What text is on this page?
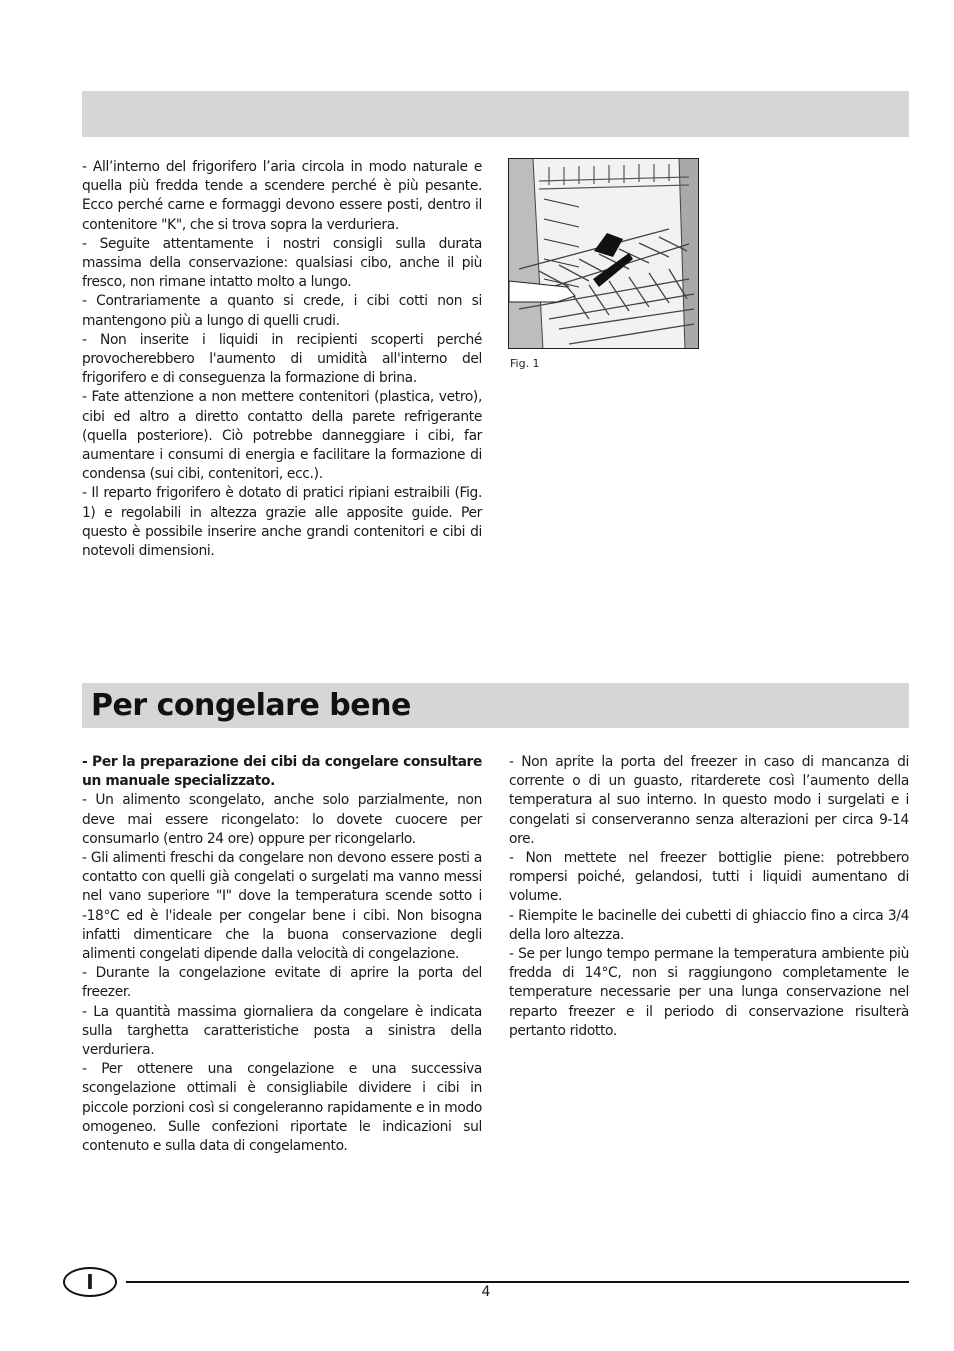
- All’interno del frigorifero l’aria circola in modo naturale e quella più fredda tende a scendere perché è più pesante. Ecco perché carne e formaggi devono essere posti, dentro il contenitore "K", che si trova sopra la verduriera.

- Seguite attentamente i nostri consigli sulla durata massima della conservazione: qualsiasi cibo, anche il più fresco, non rimane intatto molto a lungo.

- Contrariamente a quanto si crede, i cibi cotti non si mantengono più a lungo di quelli crudi.

- Non inserite i liquidi in recipienti scoperti perché provocherebbero l'aumento di umidità all'interno del frigorifero e di conseguenza la formazione di brina.

- Fate attenzione a non mettere contenitori (plastica, vetro), cibi ed altro a diretto contatto della parete refrigerante (quella posteriore). Ciò potrebbe danneggiare i cibi, far aumentare i consumi di energia e facilitare la formazione di condensa (sui cibi, contenitori, ecc.).

- Il reparto frigorifero è dotato di pratici ripiani estraibili (Fig. 1) e regolabili in altezza grazie alle apposite guide. Per questo è possibile inserire anche grandi contenitori e cibi di notevoli dimensioni.

Fig. 1
Per congelare bene

- Per la preparazione dei cibi da congelare consultare un manuale specializzato.

- Un alimento scongelato, anche solo parzialmente, non deve mai essere ricongelato: lo dovete cuocere per consumarlo (entro 24 ore) oppure per ricongelarlo.

- Gli alimenti freschi da congelare non devono essere posti a contatto con quelli già congelati o surgelati ma vanno messi nel vano superiore "I" dove la temperatura scende sotto i -18°C ed è l'ideale per congelar bene i cibi. Non bisogna infatti dimenticare che la buona conservazione degli alimenti congelati dipende dalla velocità di congelazione.

- Durante la congelazione evitate di aprire la porta del freezer.

- La quantità massima giornaliera da congelare è indicata sulla targhetta caratteristiche posta a sinistra della verduriera.

- Per ottenere una congelazione e una successiva scongelazione ottimali è consigliabile dividere i cibi in piccole porzioni così si congeleranno rapidamente e in modo omogeneo. Sulle confezioni riportate le indicazioni sul contenuto e sulla data di congelamento.

- Non aprite la porta del freezer in caso di mancanza di corrente o di un guasto, ritarderete così l’aumento della temperatura al suo interno. In questo modo i surgelati e i congelati si conserveranno senza alterazioni per circa 9-14 ore.

- Non mettete nel freezer bottiglie piene: potrebbero rompersi poiché, gelandosi, tutti i liquidi aumentano di volume.

- Riempite le bacinelle dei cubetti di ghiaccio fino a circa 3/4 della loro altezza.

- Se per lungo tempo permane la temperatura ambiente più fredda di 14°C, non si raggiungono completamente le temperature necessarie per una lunga conservazione nel reparto freezer e il periodo di conservazione risulterà pertanto ridotto.

I	4
